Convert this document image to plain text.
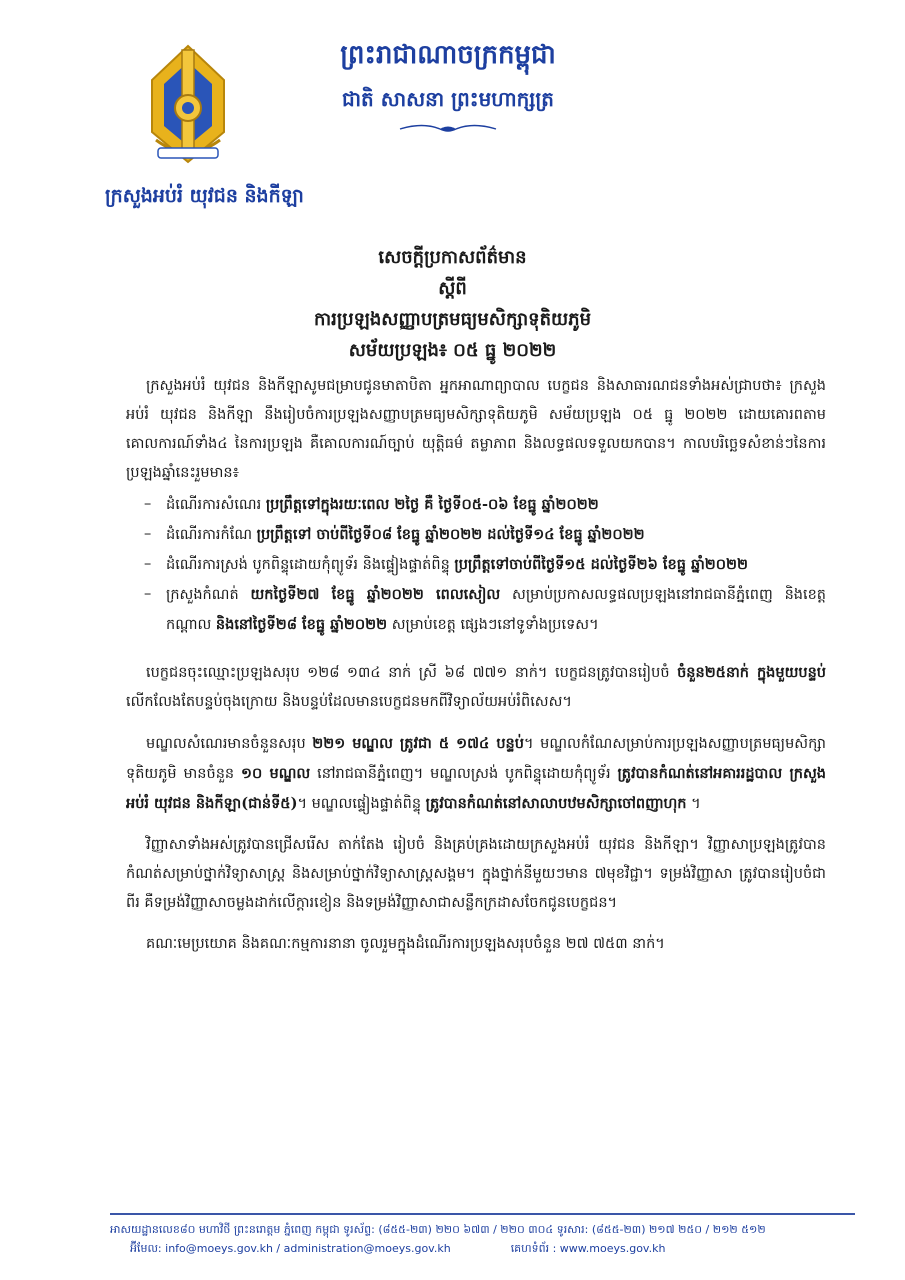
ក្រសួងអប់រំ យុវជន និងកីឡា
ព្រះរាជាណាចក្រកម្ពុជា
ជាតិ សាសនា ព្រះមហាក្សត្រ
សេចក្តីប្រកាសព័ត៌មាន
ស្តីពី
ការប្រឡងសញ្ញាបត្រមធ្យមសិក្សាទុតិយភូមិ
សម័យប្រឡង៖ ០៥ ធ្នូ ២០២២

ក្រសួងអប់រំ យុវជន និងកីឡាសូមជម្រាបជូនមាតាបិតា អ្នកអាណាព្យាបាល បេក្ខជន និងសាធារណជនទាំងអស់ជ្រាបថា៖ ក្រសួងអប់រំ យុវជន និងកីឡា នឹងរៀបចំការប្រឡងសញ្ញាបត្រមធ្យមសិក្សាទុតិយភូមិ សម័យប្រឡង ០៥ ធ្នូ ២០២២ ដោយគោរពតាមគោលការណ៍ទាំង៤ នៃការប្រឡង គឺគោលការណ៍ច្បាប់ យុត្តិធម៌ តម្លាភាព និងលទ្ធផលទទួលយកបាន។ កាលបរិច្ឆេទសំខាន់ៗនៃការប្រឡងឆ្នាំនេះរួមមាន៖

– ដំណើរការសំណេរ ប្រព្រឹត្តទៅក្នុងរយៈពេល ២ថ្ងៃ គឺ ថ្ងៃទី០៥-០៦ ខែធ្នូ ឆ្នាំ២០២២
– ដំណើរការកំណែ ប្រព្រឹត្តទៅ ចាប់ពីថ្ងៃទី០៨ ខែធ្នូ ឆ្នាំ២០២២ ដល់ថ្ងៃទី១៤ ខែធ្នូ ឆ្នាំ២០២២
– ដំណើរការស្រង់ បូកពិន្ទុដោយកុំព្យូទ័រ និងផ្ទៀងផ្ទាត់ពិន្ទុ ប្រព្រឹត្តទៅចាប់ពីថ្ងៃទី១៥ ដល់ថ្ងៃទី២៦ ខែធ្នូ ឆ្នាំ២០២២
– ក្រសួងកំណត់ យកថ្ងៃទី២៧ ខែធ្នូ ឆ្នាំ២០២២ ពេលសៀល សម្រាប់ប្រកាសលទ្ធផលប្រឡងនៅរាជធានីភ្នំពេញ និងខេត្តកណ្តាល និងនៅថ្ងៃទី២៨ ខែធ្នូ ឆ្នាំ២០២២ សម្រាប់ខេត្ត ផ្សេងៗនៅទូទាំងប្រទេស។

បេក្ខជនចុះឈ្មោះប្រឡងសរុប ១២៨ ១៣៤ នាក់ ស្រី ៦៨ ៧៧១ នាក់។ បេក្ខជនត្រូវបានរៀបចំ ចំនួន២៥នាក់ ក្នុងមួយបន្ទប់ លើកលែងតែបន្ទប់ចុងក្រោយ និងបន្ទប់ដែលមានបេក្ខជនមកពីវិទ្យាល័យអប់រំពិសេស។

មណ្ឌលសំណេរមានចំនួនសរុប ២២១ មណ្ឌល ត្រូវជា ៥ ១៧៤ បន្ទប់។ មណ្ឌលកំណែសម្រាប់ការប្រឡងសញ្ញាបត្រមធ្យមសិក្សាទុតិយភូមិ មានចំនួន ១០ មណ្ឌល នៅរាជធានីភ្នំពេញ។ មណ្ឌលស្រង់ បូកពិន្ទុដោយកុំព្យូទ័រ ត្រូវបានកំណត់នៅអគាររដ្ឋបាល ក្រសួងអប់រំ យុវជន និងកីឡា(ជាន់ទី៥)។ មណ្ឌលផ្ទៀងផ្ទាត់ពិន្ទុ ត្រូវបានកំណត់នៅសាលាបឋមសិក្សាចៅពញាហុក ។

វិញ្ញាសាទាំងអស់ត្រូវបានជ្រើសរើស តាក់តែង រៀបចំ និងគ្រប់គ្រងដោយក្រសួងអប់រំ យុវជន និងកីឡា។ វិញ្ញាសាប្រឡងត្រូវបានកំណត់សម្រាប់ថ្នាក់វិទ្យាសាស្ត្រ និងសម្រាប់ថ្នាក់វិទ្យាសាស្ត្រសង្គម។ ក្នុងថ្នាក់នីមួយៗមាន ៧មុខវិជ្ជា។ ទម្រង់វិញ្ញាសា ត្រូវបានរៀបចំជាពីរ គឺទម្រង់វិញ្ញាសាចម្លងដាក់លើក្តារខៀន និងទម្រង់វិញ្ញាសាជាសន្លឹកក្រដាសចែកជូនបេក្ខជន។

គណៈមេប្រយោគ និងគណៈកម្មការនានា ចូលរួមក្នុងដំណើរការប្រឡងសរុបចំនួន ២៧ ៧៥៣ នាក់។

អាសយដ្ឋានលេខ៨០ មហាវិថី ព្រះនរោត្តម ភ្នំពេញ កម្ពុជា ទូរស័ព្ទ: (៨៥៥-២៣) ២២០ ៦៧៣ / ២២០ ៣០៤ ទូរសារ: (៨៥៥-២៣) ២១៧ ២៥០ / ២១២ ៥១២
អ៊ីមែល: info@moeys.gov.kh / administration@moeys.gov.kh	គេហទំព័រ : www.moeys.gov.kh
